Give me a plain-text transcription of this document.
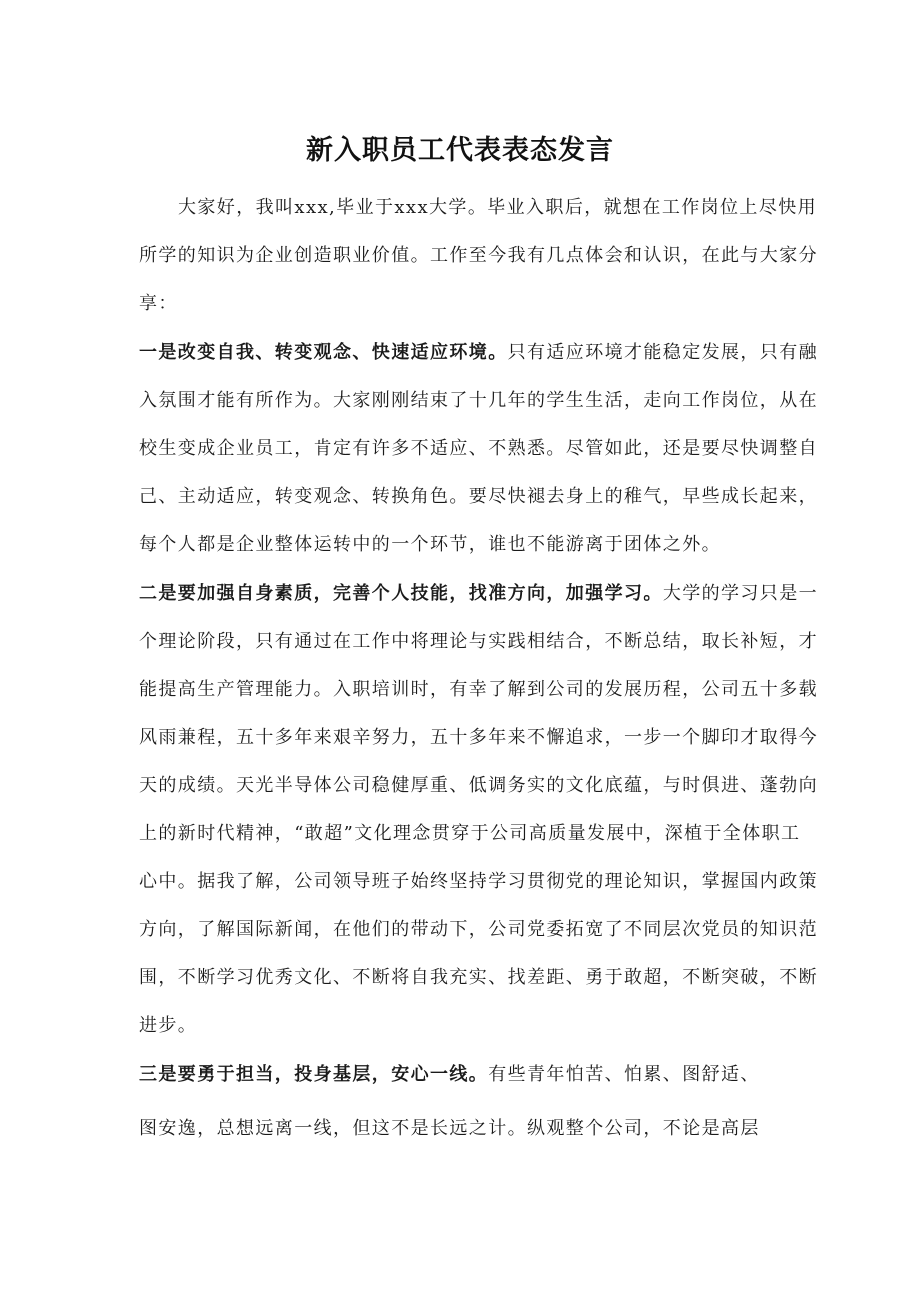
新入职员工代表表态发言
大家好，我叫xxx,毕业于xxx大学。毕业入职后，就想在工作岗位上尽快用
所学的知识为企业创造职业价值。工作至今我有几点体会和认识，在此与大家分
享：
一是改变自我、转变观念、快速适应环境。只有适应环境才能稳定发展，只有融
入氛围才能有所作为。大家刚刚结束了十几年的学生生活，走向工作岗位，从在
校生变成企业员工，肯定有许多不适应、不熟悉。尽管如此，还是要尽快调整自
己、主动适应，转变观念、转换角色。要尽快褪去身上的稚气，早些成长起来，
每个人都是企业整体运转中的一个环节，谁也不能游离于团体之外。
二是要加强自身素质，完善个人技能，找准方向，加强学习。大学的学习只是一
个理论阶段，只有通过在工作中将理论与实践相结合，不断总结，取长补短，才
能提高生产管理能力。入职培训时，有幸了解到公司的发展历程，公司五十多载
风雨兼程，五十多年来艰辛努力，五十多年来不懈追求，一步一个脚印才取得今
天的成绩。天光半导体公司稳健厚重、低调务实的文化底蕴，与时俱进、蓬勃向
上的新时代精神，“敢超”文化理念贯穿于公司高质量发展中，深植于全体职工
心中。据我了解，公司领导班子始终坚持学习贯彻党的理论知识，掌握国内政策
方向，了解国际新闻，在他们的带动下，公司党委拓宽了不同层次党员的知识范
围，不断学习优秀文化、不断将自我充实、找差距、勇于敢超，不断突破，不断
进步。
三是要勇于担当，投身基层，安心一线。有些青年怕苦、怕累、图舒适、
图安逸，总想远离一线，但这不是长远之计。纵观整个公司，不论是高层
